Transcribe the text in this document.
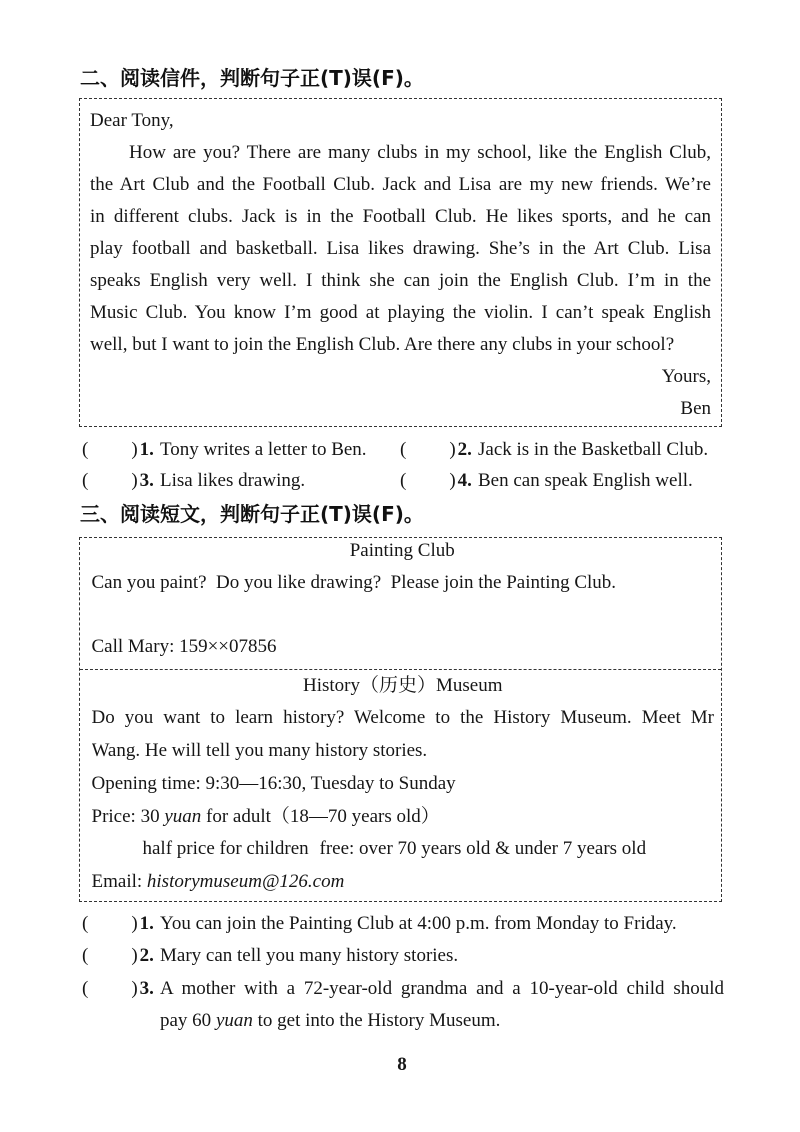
二、阅读信件，判断句子正(T)误(F)。
Dear Tony,
How are you? There are many clubs in my school, like the English Club,
the Art Club and the Football Club. Jack and Lisa are my new friends. We’re
in different clubs. Jack is in the Football Club. He likes sports, and he can
play football and basketball. Lisa likes drawing. She’s in the Art Club. Lisa
speaks English very well. I think she can join the English Club. I’m in the
Music Club. You know I’m good at playing the violin. I can’t speak English
well, but I want to join the English Club. Are there any clubs in your school?
Yours,
Ben
( ) 1. Tony writes a letter to Ben. ( ) 2. Jack is in the Basketball Club.
( ) 3. Lisa likes drawing.	( ) 4. Ben can speak English well.
三、阅读短文，判断句子正(T)误(F)。
Painting Club
Can you paint?  Do you like drawing?  Please join the Painting Club.

Call Mary: 159××07856
History（历史）Museum
Do you want to learn history? Welcome to the History Museum. Meet Mr
Wang. He will tell you many history stories.
Opening time: 9:30—16:30, Tuesday to Sunday
Price: 30 yuan for adult（18—70 years old）
half price for children free: over 70 years old & under 7 years old
Email: historymuseum@126.com
( ) 1. You can join the Painting Club at 4:00 p.m. from Monday to Friday.
( ) 2. Mary can tell you many history stories.
( ) 3. A mother with a 72-year-old grandma and a 10-year-old child should
pay 60 yuan to get into the History Museum.
8
